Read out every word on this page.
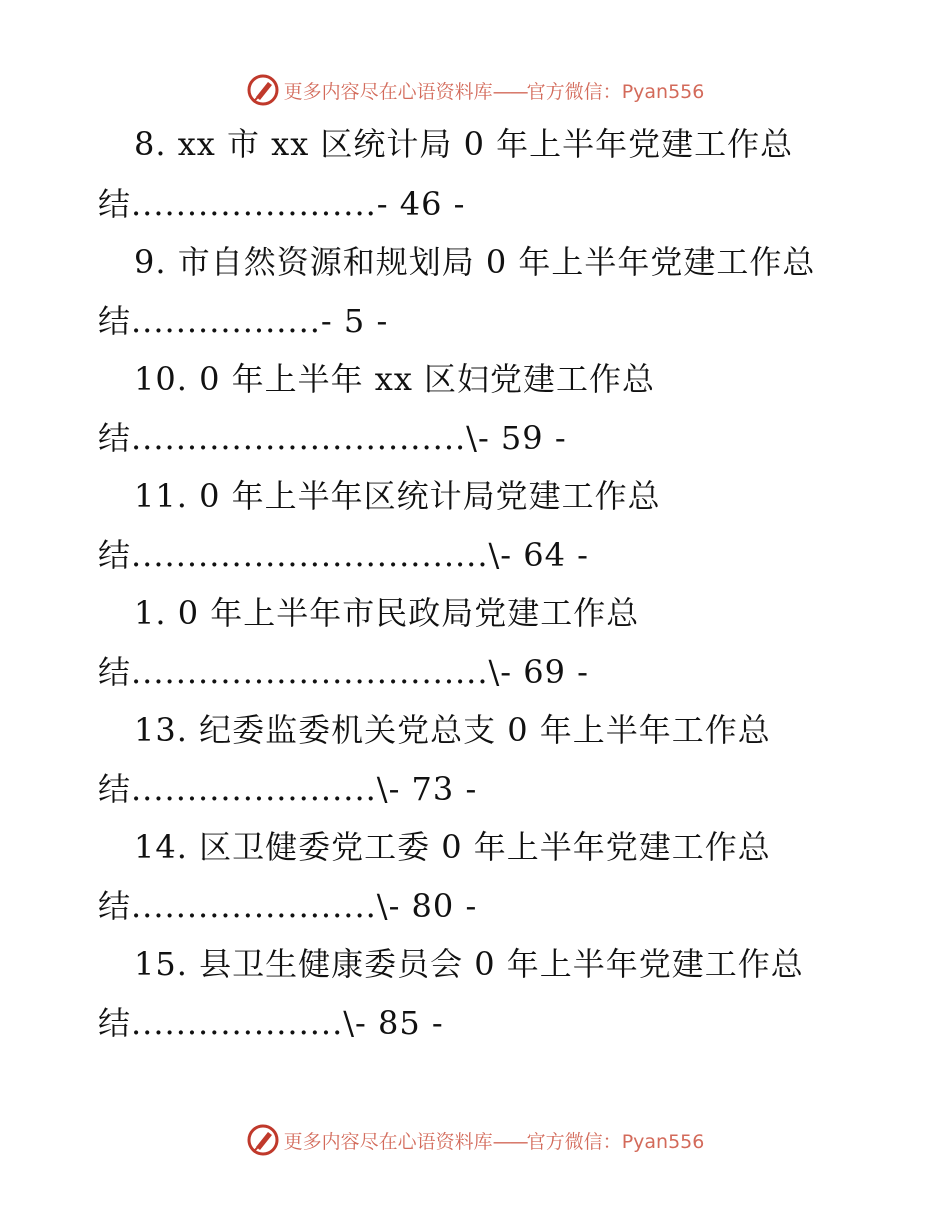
更多内容尽在心语资料库——官方微信：Pyan556
8. xx 市 xx 区统计局 0 年上半年党建工作总
结......................- 46 -
9. 市自然资源和规划局 0 年上半年党建工作总
结.................- 5 -
10. 0 年上半年 xx 区妇党建工作总
结..............................\- 59 -
11. 0 年上半年区统计局党建工作总
结................................\- 64 -
1. 0 年上半年市民政局党建工作总
结................................\- 69 -
13. 纪委监委机关党总支 0 年上半年工作总
结......................\- 73 -
14. 区卫健委党工委 0 年上半年党建工作总
结......................\- 80 -
15. 县卫生健康委员会 0 年上半年党建工作总
结...................\- 85 -
更多内容尽在心语资料库——官方微信：Pyan556
